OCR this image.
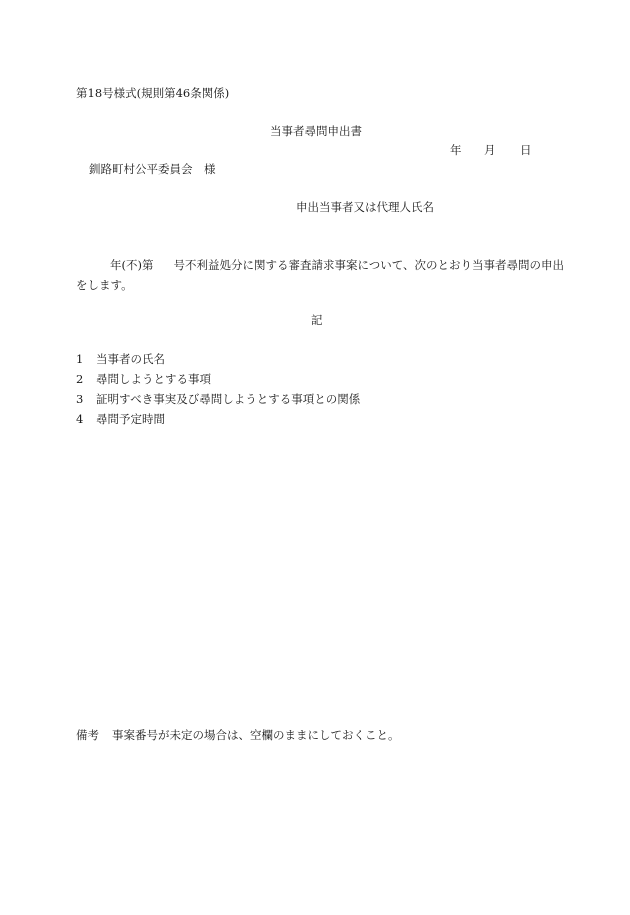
第18号様式(規則第46条関係)
当事者尋問申出書
年 月 日
釧路町村公平委員会　様
申出当事者又は代理人氏名
年(不)第 号不利益処分に関する審査請求事案について、次のとおり当事者尋問の申出をします。
記
1 当事者の氏名
2 尋問しようとする事項
3 証明すべき事実及び尋問しようとする事項との関係
4 尋問予定時間
備考 事案番号が未定の場合は、空欄のままにしておくこと。
